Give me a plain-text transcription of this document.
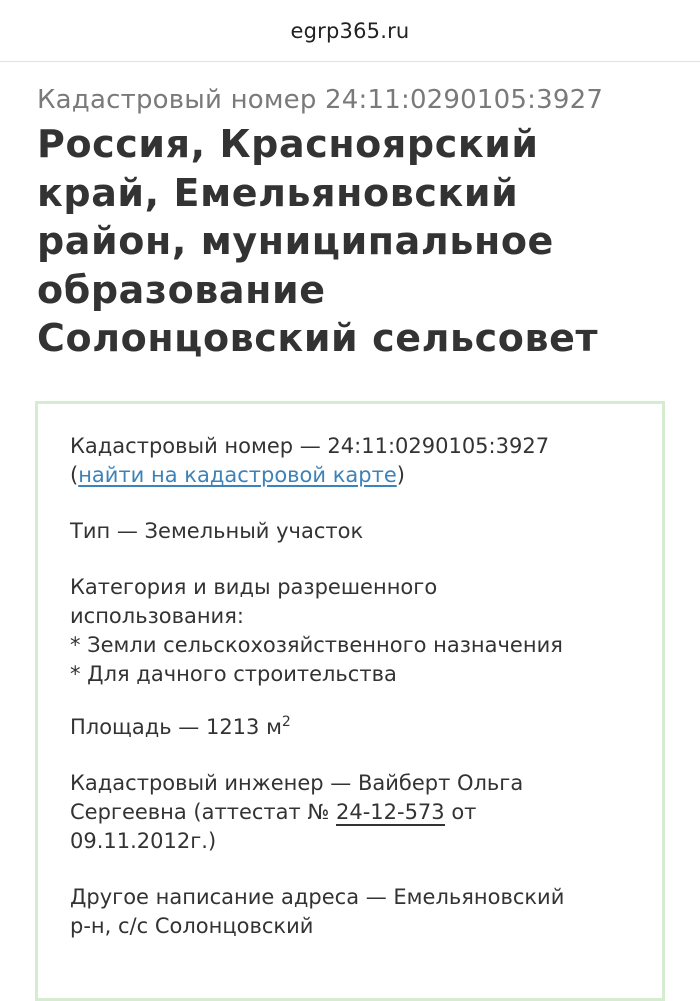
egrp365.ru
Кадастровый номер 24:11:0290105:3927
Россия, Красноярский
край, Емельяновский
район, муниципальное
образование
Солонцовский сельсовет
Кадастровый номер — 24:11:0290105:3927
(найти на кадастровой карте)
Тип — Земельный участок
Категория и виды разрешенного
использования:
* Земли сельскохозяйственного назначения
* Для дачного строительства
Площадь — 1213 $м^2$
Кадастровый инженер — Вайберт Ольга
Сергеевна (аттестат № 24-12-573 от
09.11.2012г.)
Другое написание адреса — Емельяновский
р-н, с/с Солонцовский
